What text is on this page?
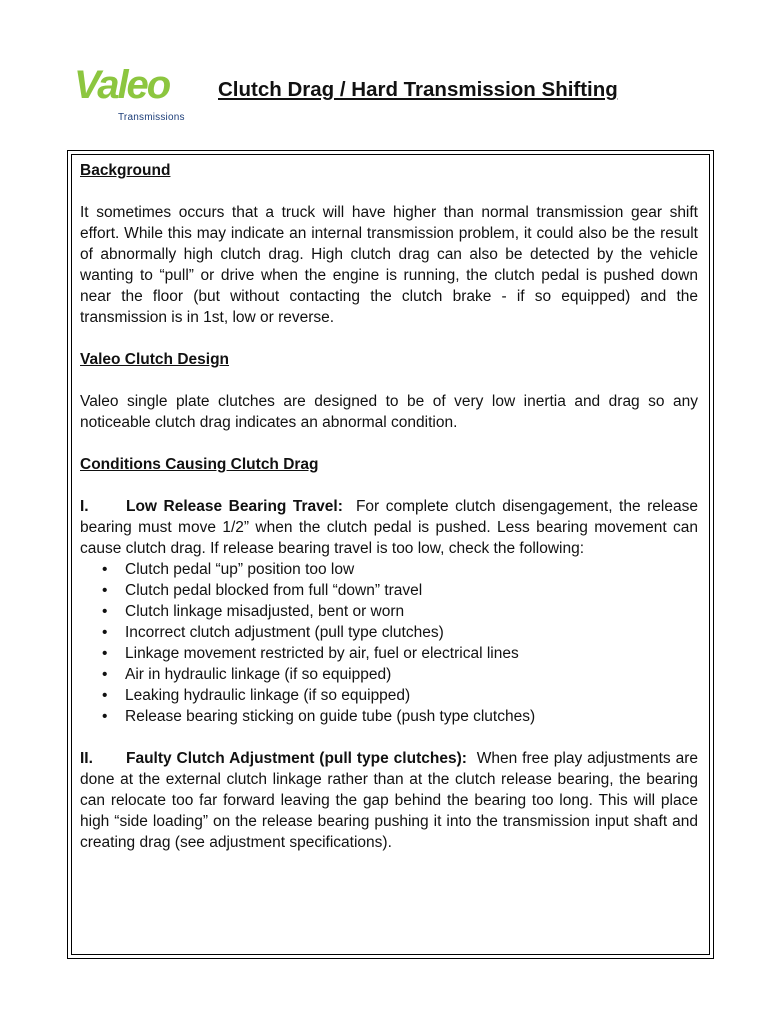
Valeo
Transmissions
Clutch Drag / Hard Transmission Shifting
Background

It sometimes occurs that a truck will have higher than normal transmission gear shift effort. While this may indicate an internal transmission problem, it could also be the result of abnormally high clutch drag. High clutch drag can also be detected by the vehicle wanting to “pull” or drive when the engine is running, the clutch pedal is pushed down near the floor (but without contacting the clutch brake - if so equipped) and the transmission is in 1st, low or reverse.

Valeo Clutch Design

Valeo single plate clutches are designed to be of very low inertia and drag so any noticeable clutch drag indicates an abnormal condition.

Conditions Causing Clutch Drag

I. Low Release Bearing Travel: For complete clutch disengagement, the release bearing must move 1/2” when the clutch pedal is pushed. Less bearing movement can cause clutch drag. If release bearing travel is too low, check the following:

• Clutch pedal “up” position too low
• Clutch pedal blocked from full “down” travel
• Clutch linkage misadjusted, bent or worn
• Incorrect clutch adjustment (pull type clutches)
• Linkage movement restricted by air, fuel or electrical lines
• Air in hydraulic linkage (if so equipped)
• Leaking hydraulic linkage (if so equipped)
• Release bearing sticking on guide tube (push type clutches)

II. Faulty Clutch Adjustment (pull type clutches): When free play adjustments are done at the external clutch linkage rather than at the clutch release bearing, the bearing can relocate too far forward leaving the gap behind the bearing too long. This will place high “side loading” on the release bearing pushing it into the transmission input shaft and creating drag (see adjustment specifications).
